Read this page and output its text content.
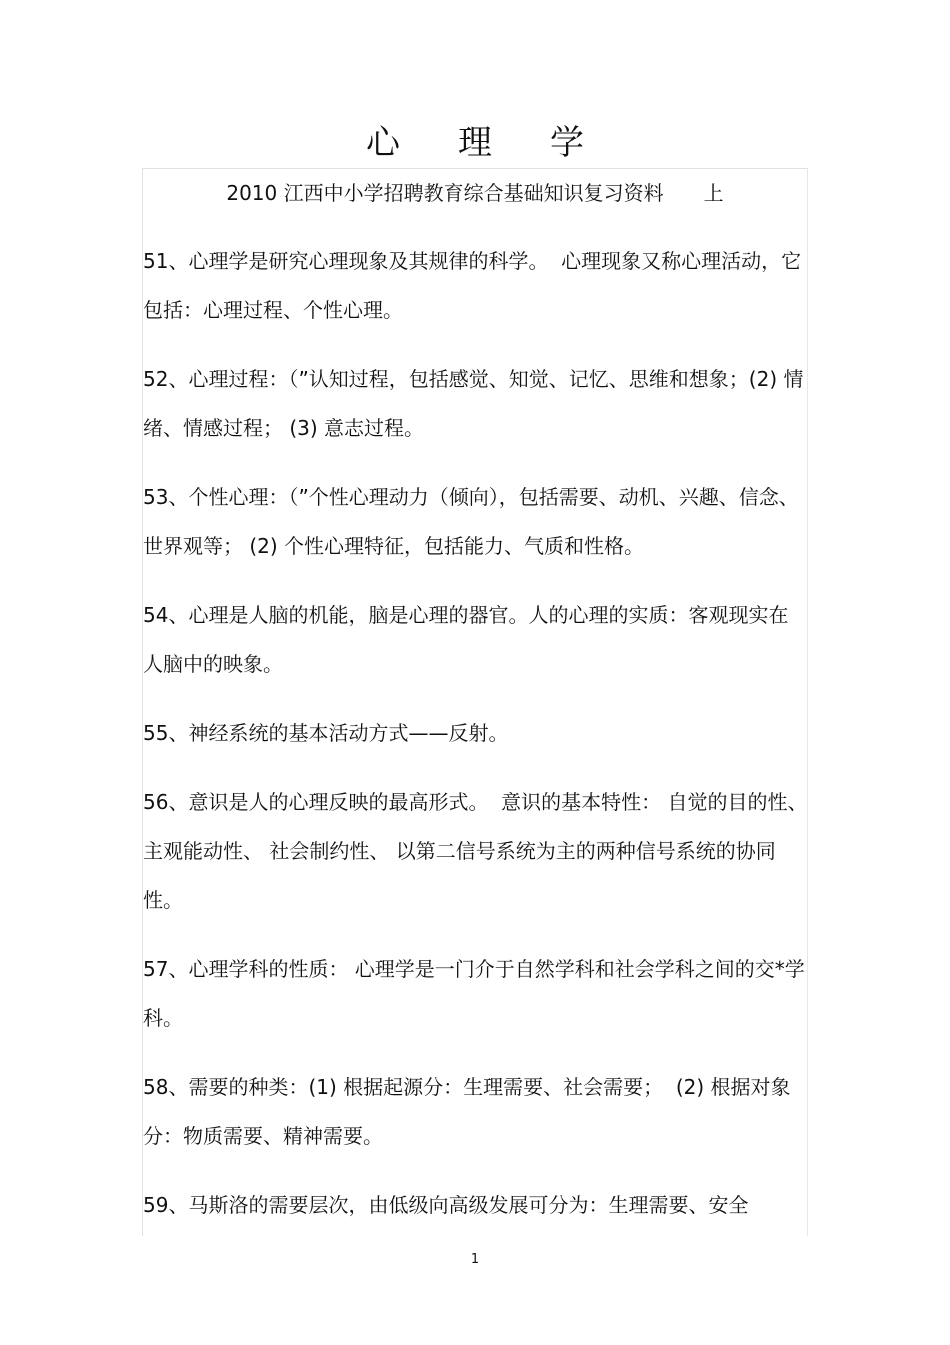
心理学
2010 江西中小学招聘教育综合基础知识复习资料 上

51、心理学是研究心理现象及其规律的科学。  心理现象又称心理活动，它包括：心理过程、个性心理。

52、心理过程：（”认知过程，包括感觉、知觉、记忆、思维和想象；(2) 情绪、情感过程； (3) 意志过程。

53、个性心理：（”个性心理动力（倾向），包括需要、动机、兴趣、信念、世界观等； (2) 个性心理特征，包括能力、气质和性格。

54、心理是人脑的机能，脑是心理的器官。人的心理的实质：客观现实在人脑中的映象。

55、神经系统的基本活动方式——反射。

56、意识是人的心理反映的最高形式。  意识的基本特性： 自觉的目的性、主观能动性、 社会制约性、 以第二信号系统为主的两种信号系统的协同性。

57、心理学科的性质： 心理学是一门介于自然学科和社会学科之间的交*学科。

58、需要的种类：(1) 根据起源分：生理需要、社会需要；  (2) 根据对象分：物质需要、精神需要。

59、马斯洛的需要层次，由低级向高级发展可分为：生理需要、安全

1
